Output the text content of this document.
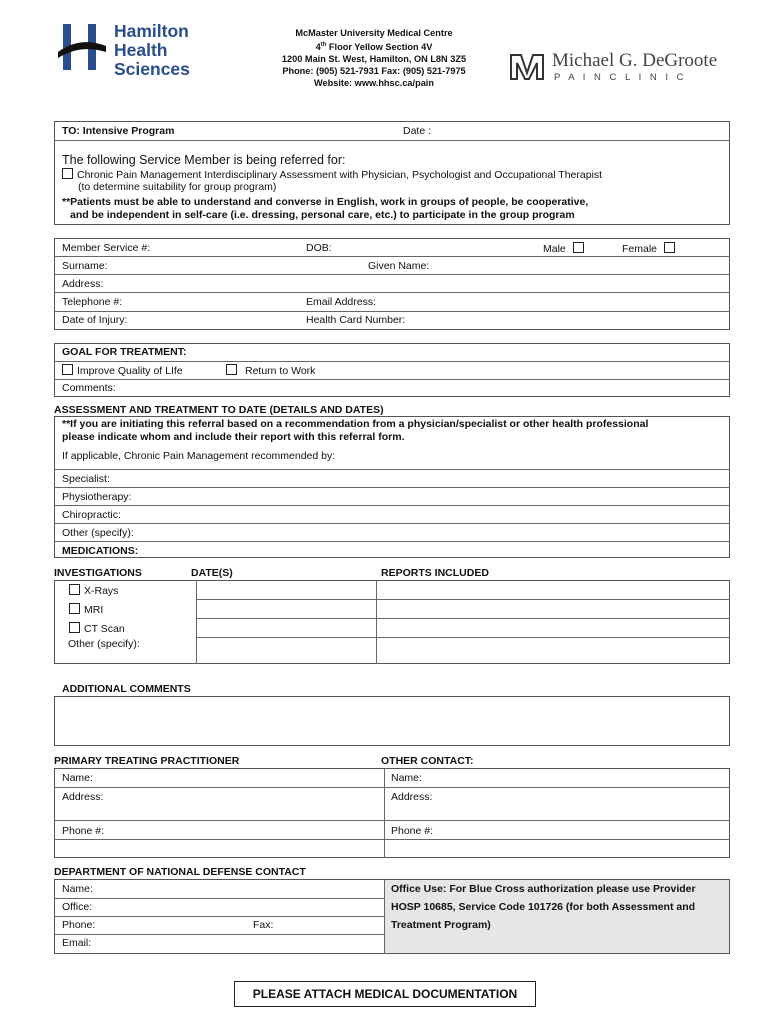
Hamilton
Health
Sciences
McMaster University Medical Centre
4th Floor Yellow Section 4V
1200 Main St. West, Hamilton, ON L8N 3Z5
Phone: (905) 521-7931 Fax: (905) 521-7975
Website: www.hhsc.ca/pain
Michael G. DeGroote
P A I N C L I N I C
TO: Intensive Program	Date :
The following Service Member is being referred for:
Chronic Pain Management Interdisciplinary Assessment with Physician, Psychologist and Occupational Therapist
(to determine suitability for group program)
**Patients must be able to understand and converse in English, work in groups of people, be cooperative,
and be independent in self-care (i.e. dressing, personal care, etc.) to participate in the group program
Member Service #:	DOB:	Male	Female
Surname:	Given Name:
Address:
Telephone #:	Email Address:
Date of Injury:	Health Card Number:
GOAL FOR TREATMENT:
Improve Quality of LIfe	Return to Work
Comments:
ASSESSMENT AND TREATMENT TO DATE (DETAILS AND DATES)
**If you are initiating this referral based on a recommendation from a physician/specialist or other health professional
please indicate whom and include their report with this referral form.
If applicable, Chronic Pain Management recommended by:
Specialist:
Physiotherapy:
Chiropractic:
Other (specify):
MEDICATIONS:
INVESTIGATIONS	DATE(S)	REPORTS INCLUDED
X-Rays
MRI
CT Scan
Other (specify):
ADDITIONAL COMMENTS
PRIMARY TREATING PRACTITIONER	OTHER CONTACT:
Name:	Name:
Address:	Address:
Phone #:	Phone #:
DEPARTMENT OF NATIONAL DEFENSE CONTACT
Name:
Office:
Phone:	Fax:
Email:
Office Use: For Blue Cross authorization please use Provider
HOSP 10685, Service Code 101726 (for both Assessment and
Treatment Program)
PLEASE ATTACH MEDICAL DOCUMENTATION
